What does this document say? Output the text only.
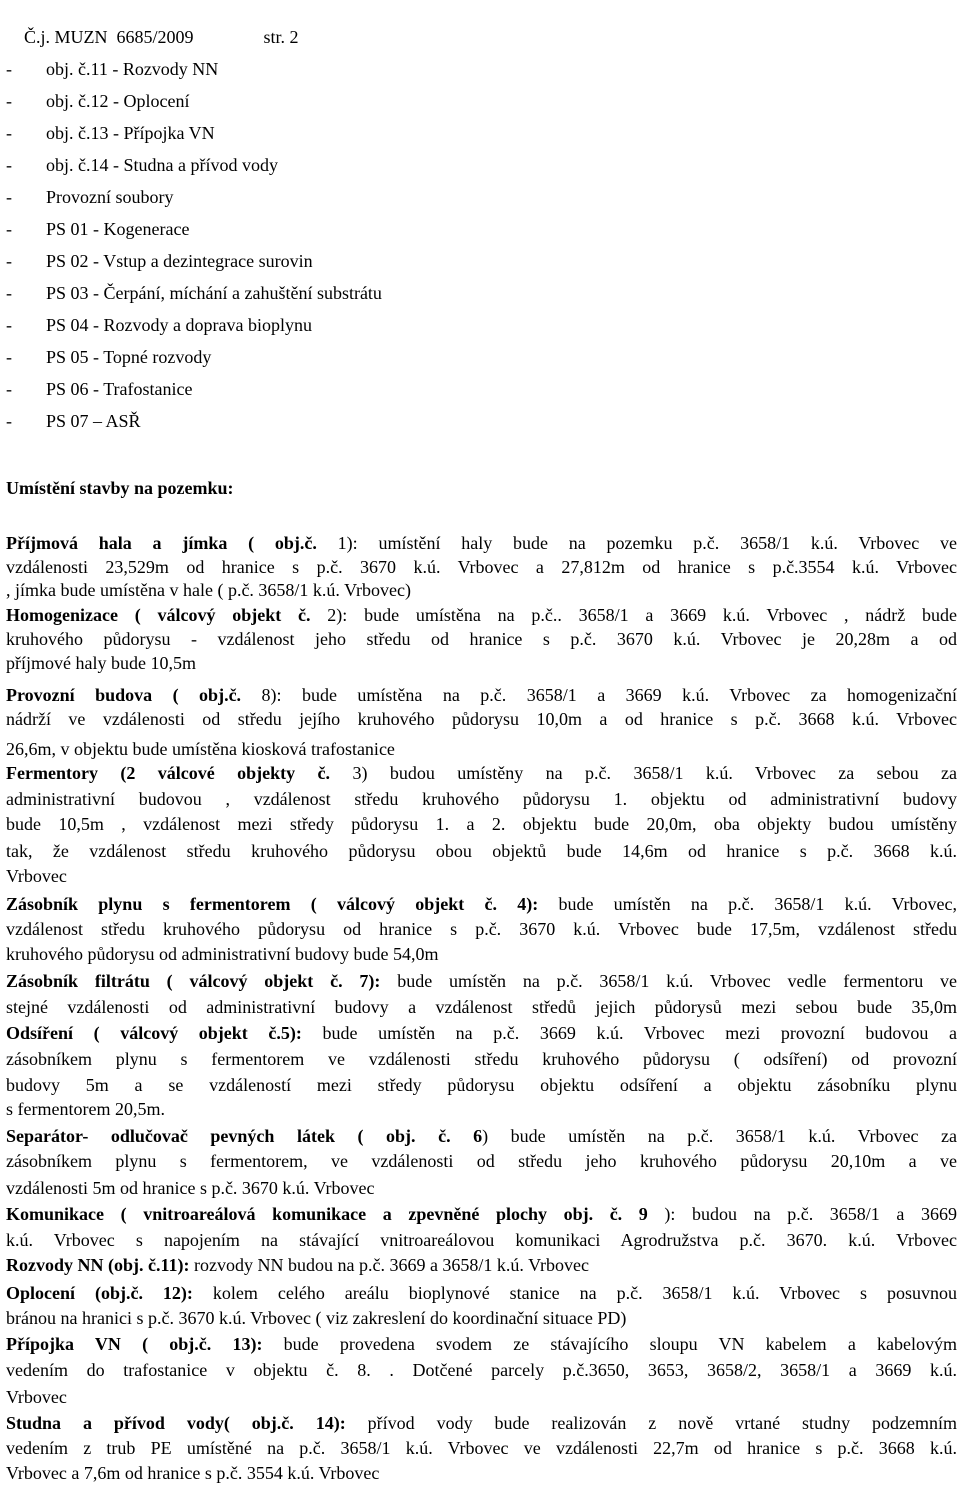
Č.j. MUZN  6685/2009	str. 2

- obj. č.11 - Rozvody NN
- obj. č.12 - Oplocení
- obj. č.13 - Přípojka VN
- obj. č.14 - Studna a přívod vody
- Provozní soubory
- PS 01 - Kogenerace
- PS 02 - Vstup a dezintegrace surovin
- PS 03 - Čerpání, míchání a zahuštění substrátu
- PS 04 - Rozvody a doprava bioplynu
- PS 05 - Topné rozvody
- PS 06 - Trafostanice
- PS 07 – ASŘ
Umístění stavby na pozemku:
Příjmová hala a jímka ( obj.č. 1): umístění haly bude na pozemku p.č. 3658/1 k.ú. Vrbovec ve
vzdálenosti 23,529m od hranice s p.č. 3670 k.ú. Vrbovec a 27,812m od hranice s p.č.3554 k.ú. Vrbovec
, jímka bude umístěna v hale ( p.č. 3658/1 k.ú. Vrbovec)
Homogenizace ( válcový objekt č. 2): bude umístěna na p.č.. 3658/1 a 3669 k.ú. Vrbovec , nádrž bude
kruhového půdorysu - vzdálenost jeho středu od hranice s p.č. 3670 k.ú. Vrbovec je 20,28m a od
příjmové haly bude 10,5m
Provozní budova ( obj.č. 8): bude umístěna na p.č. 3658/1 a 3669 k.ú. Vrbovec za homogenizační
nádrží ve vzdálenosti od středu jejího kruhového půdorysu 10,0m a od hranice s p.č. 3668 k.ú. Vrbovec
26,6m, v objektu bude umístěna kiosková trafostanice
Fermentory (2 válcové objekty č. 3) budou umístěny na p.č. 3658/1 k.ú. Vrbovec za sebou za
administrativní budovou , vzdálenost středu kruhového půdorysu 1. objektu od administrativní budovy
bude 10,5m , vzdálenost mezi středy půdorysu 1. a 2. objektu bude 20,0m, oba objekty budou umístěny
tak, že vzdálenost středu kruhového půdorysu obou objektů bude 14,6m od hranice s p.č. 3668 k.ú.
Vrbovec
Zásobník plynu s fermentorem ( válcový objekt č. 4): bude umístěn na p.č. 3658/1 k.ú. Vrbovec,
vzdálenost středu kruhového půdorysu od hranice s p.č. 3670 k.ú. Vrbovec bude 17,5m, vzdálenost středu
kruhového půdorysu od administrativní budovy bude 54,0m
Zásobník filtrátu ( válcový objekt č. 7): bude umístěn na p.č. 3658/1 k.ú. Vrbovec vedle fermentoru ve
stejné vzdálenosti od administrativní budovy a vzdálenost středů jejich půdorysů mezi sebou bude 35,0m
Odsíření ( válcový objekt č.5): bude umístěn na p.č. 3669 k.ú. Vrbovec mezi provozní budovou a
zásobníkem plynu s fermentorem ve vzdálenosti středu kruhového půdorysu ( odsíření) od provozní
budovy 5m a se vzdáleností mezi středy půdorysu objektu odsíření a objektu zásobníku plynu
s fermentorem 20,5m.
Separátor- odlučovač pevných látek ( obj. č. 6) bude umístěn na p.č. 3658/1 k.ú. Vrbovec za
zásobníkem plynu s fermentorem, ve vzdálenosti od středu jeho kruhového půdorysu 20,10m a ve
vzdálenosti 5m od hranice s p.č. 3670 k.ú. Vrbovec
Komunikace ( vnitroareálová komunikace a zpevněné plochy obj. č. 9 ): budou na p.č. 3658/1 a 3669
k.ú. Vrbovec s napojením na stávající vnitroareálovou komunikaci Agrodružstva p.č. 3670. k.ú. Vrbovec
Rozvody NN (obj. č.11): rozvody NN budou na p.č. 3669 a 3658/1 k.ú. Vrbovec
Oplocení (obj.č. 12): kolem celého areálu bioplynové stanice na p.č. 3658/1 k.ú. Vrbovec s posuvnou
bránou na hranici s p.č. 3670 k.ú. Vrbovec ( viz zakreslení do koordinační situace PD)
Přípojka VN ( obj.č. 13): bude provedena svodem ze stávajícího sloupu VN kabelem a kabelovým
vedením do trafostanice v objektu č. 8. . Dotčené parcely p.č.3650, 3653, 3658/2, 3658/1 a 3669 k.ú.
Vrbovec
Studna a přívod vody( obj.č. 14): přívod vody bude realizován z nově vrtané studny podzemním
vedením z trub PE umístěné na p.č. 3658/1 k.ú. Vrbovec ve vzdálenosti 22,7m od hranice s p.č. 3668 k.ú.
Vrbovec a 7,6m od hranice s p.č. 3554 k.ú. Vrbovec
